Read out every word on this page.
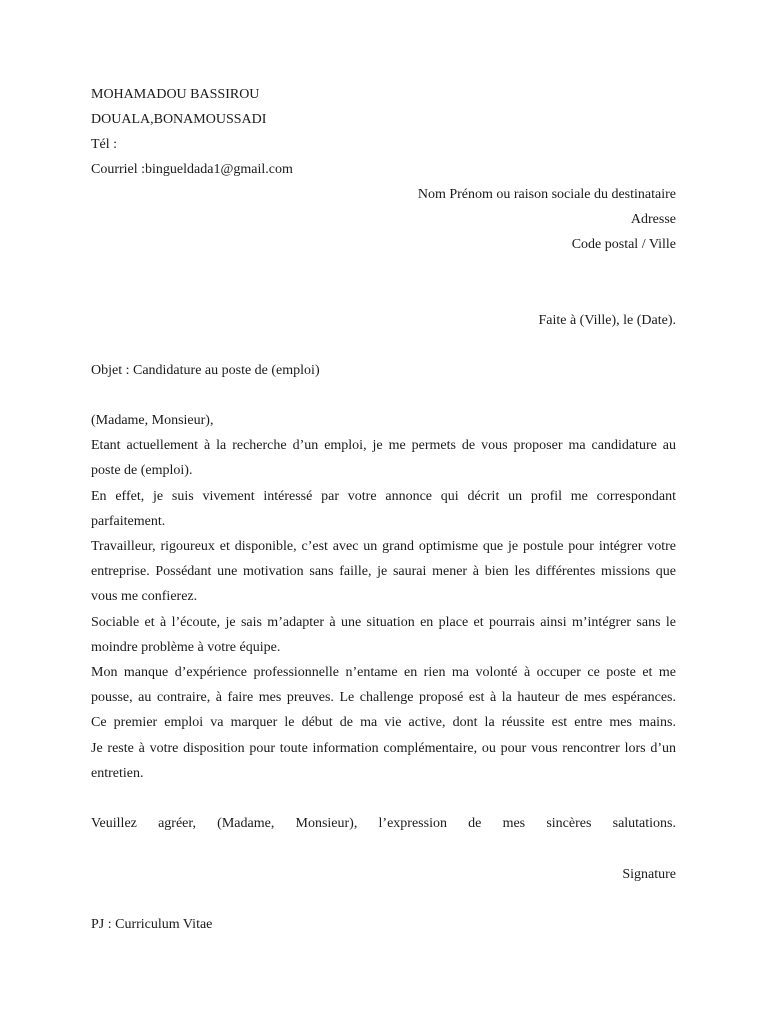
MOHAMADOU BASSIROU
DOUALA,BONAMOUSSADI
Tél :
Courriel :bingueldada1@gmail.com
Nom Prénom ou raison sociale du destinataire
Adresse
Code postal / Ville
Faite à (Ville), le (Date).
Objet : Candidature au poste de (emploi)
(Madame, Monsieur),
Etant actuellement à la recherche d’un emploi, je me permets de vous proposer ma candidature au
poste de (emploi).
En effet, je suis vivement intéressé par votre annonce qui décrit un profil me correspondant
parfaitement.
Travailleur, rigoureux et disponible, c’est avec un grand optimisme que je postule pour intégrer votre
entreprise. Possédant une motivation sans faille, je saurai mener à bien les différentes missions que
vous me confierez.
Sociable et à l’écoute, je sais m’adapter à une situation en place et pourrais ainsi m’intégrer sans le
moindre problème à votre équipe.
Mon manque d’expérience professionnelle n’entame en rien ma volonté à occuper ce poste et me
pousse, au contraire, à faire mes preuves. Le challenge proposé est à la hauteur de mes espérances.
Ce premier emploi va marquer le début de ma vie active, dont la réussite est entre mes mains.
Je reste à votre disposition pour toute information complémentaire, ou pour vous rencontrer lors d’un
entretien.
Veuillez agréer, (Madame, Monsieur), l’expression de mes sincères salutations.
Signature
PJ : Curriculum Vitae
